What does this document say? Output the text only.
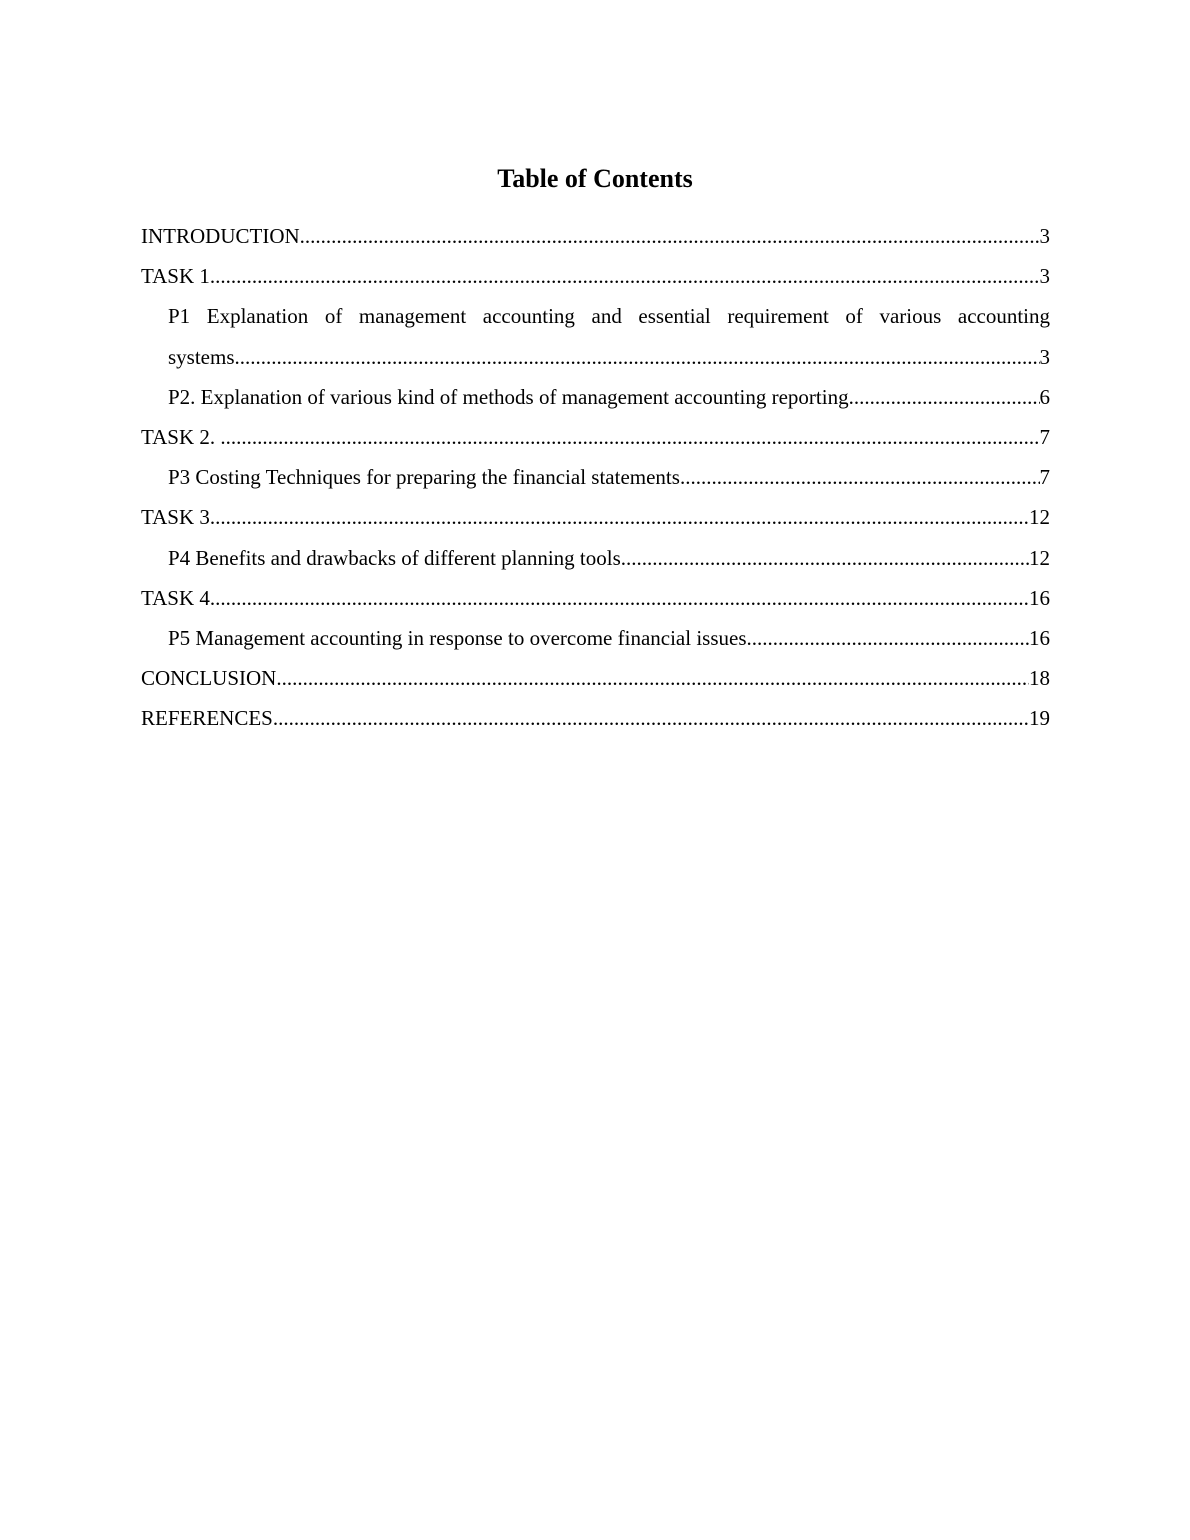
Table of Contents
INTRODUCTION .....	3
TASK 1 .....	3
P1 Explanation of management accounting and essential requirement of various accounting
systems .....	3
P2. Explanation of various kind of methods of management accounting reporting .....	6
TASK 2. .....	7
P3 Costing Techniques for preparing the financial statements .....	7
TASK 3 .....	12
P4 Benefits and drawbacks of different planning tools .....	12
TASK 4 .....	16
P5 Management accounting in response to overcome financial issues .....	16
CONCLUSION .....	18
REFERENCES .....	19
